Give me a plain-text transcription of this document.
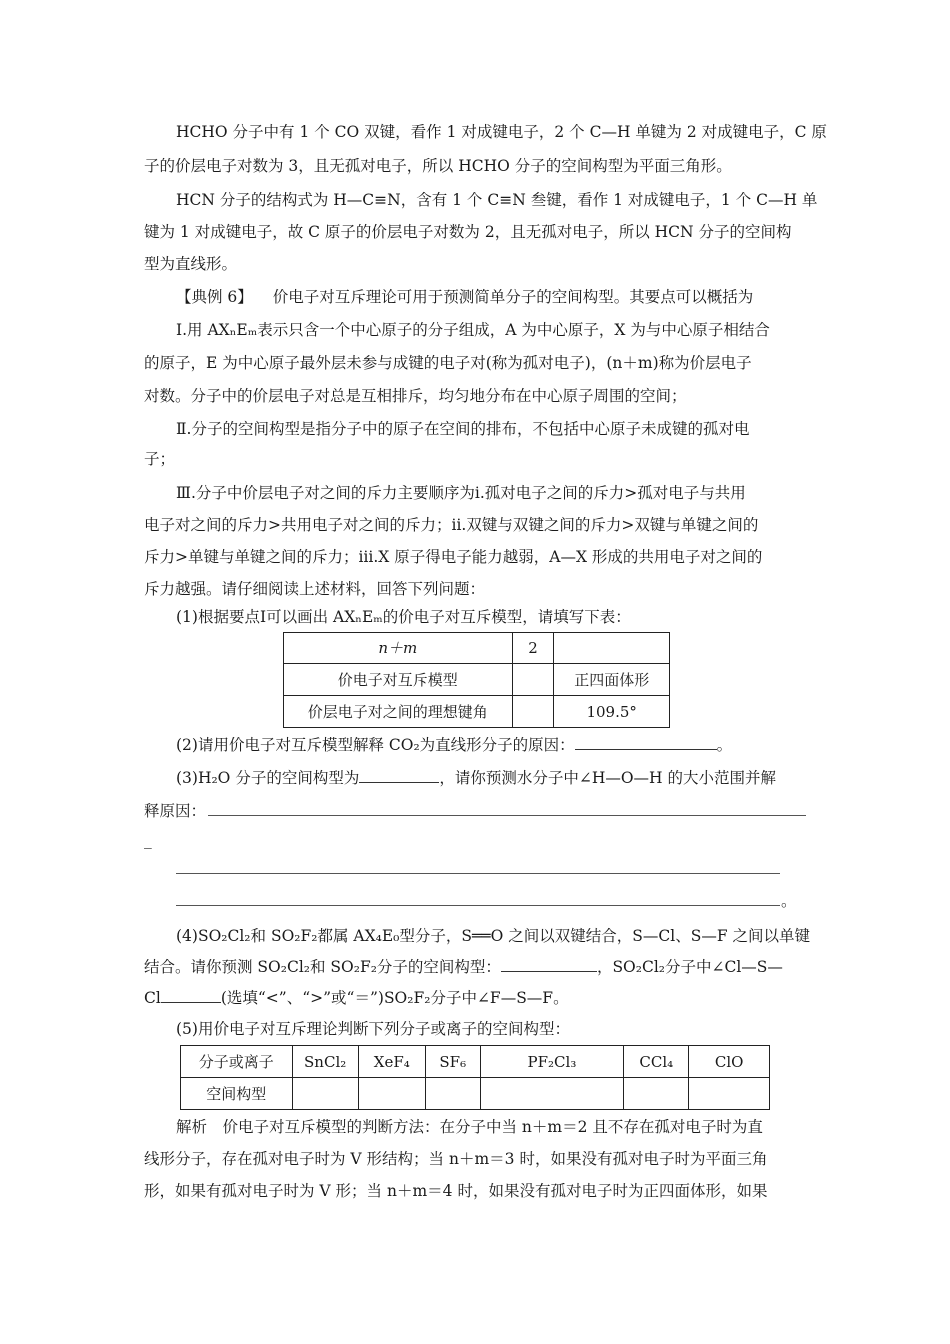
HCHO 分子中有 1 个 CO 双键，看作 1 对成键电子，2 个 C—H 单键为 2 对成键电子，C 原
子的价层电子对数为 3，且无孤对电子，所以 HCHO 分子的空间构型为平面三角形。
HCN 分子的结构式为 H—C≡N，含有 1 个 C≡N 叁键，看作 1 对成键电子，1 个 C—H 单
键为 1 对成键电子，故 C 原子的价层电子对数为 2，且无孤对电子，所以 HCN 分子的空间构
型为直线形。
【典例 6】 价电子对互斥理论可用于预测简单分子的空间构型。其要点可以概括为
Ⅰ.用 AXₙEₘ表示只含一个中心原子的分子组成，A 为中心原子，X 为与中心原子相结合
的原子，E 为中心原子最外层未参与成键的电子对(称为孤对电子)，(n＋m)称为价层电子
对数。分子中的价层电子对总是互相排斥，均匀地分布在中心原子周围的空间；
Ⅱ.分子的空间构型是指分子中的原子在空间的排布，不包括中心原子未成键的孤对电
子；
Ⅲ.分子中价层电子对之间的斥力主要顺序为ⅰ.孤对电子之间的斥力>孤对电子与共用
电子对之间的斥力>共用电子对之间的斥力；ⅱ.双键与双键之间的斥力>双键与单键之间的
斥力>单键与单键之间的斥力；ⅲ.X 原子得电子能力越弱，A—X 形成的共用电子对之间的
斥力越强。请仔细阅读上述材料，回答下列问题：
(1)根据要点Ⅰ可以画出 AXₙEₘ的价电子对互斥模型，请填写下表：
n＋m	2	
价电子对互斥模型		正四面体形
价层电子对之间的理想键角		109.5°
(2)请用价电子对互斥模型解释 CO₂为直线形分子的原因：	。
(3)H₂O 分子的空间构型为	，请你预测水分子中∠H—O—H 的大小范围并解
释原因：
_
。
(4)SO₂Cl₂和 SO₂F₂都属 AX₄E₀型分子，S══O 之间以双键结合，S—Cl、S—F 之间以单键
结合。请你预测 SO₂Cl₂和 SO₂F₂分子的空间构型：	，SO₂Cl₂分子中∠Cl—S—
Cl	(选填“<”、“>”或“＝”)SO₂F₂分子中∠F—S—F。
(5)用价电子对互斥理论判断下列分子或离子的空间构型：
分子或离子	SnCl₂	XeF₄	SF₆	PF₂Cl₃	CCl₄	ClO
空间构型						
解析　价电子对互斥模型的判断方法：在分子中当 n＋m＝2 且不存在孤对电子时为直
线形分子，存在孤对电子时为 V 形结构；当 n＋m＝3 时，如果没有孤对电子时为平面三角
形，如果有孤对电子时为 V 形；当 n＋m＝4 时，如果没有孤对电子时为正四面体形，如果
